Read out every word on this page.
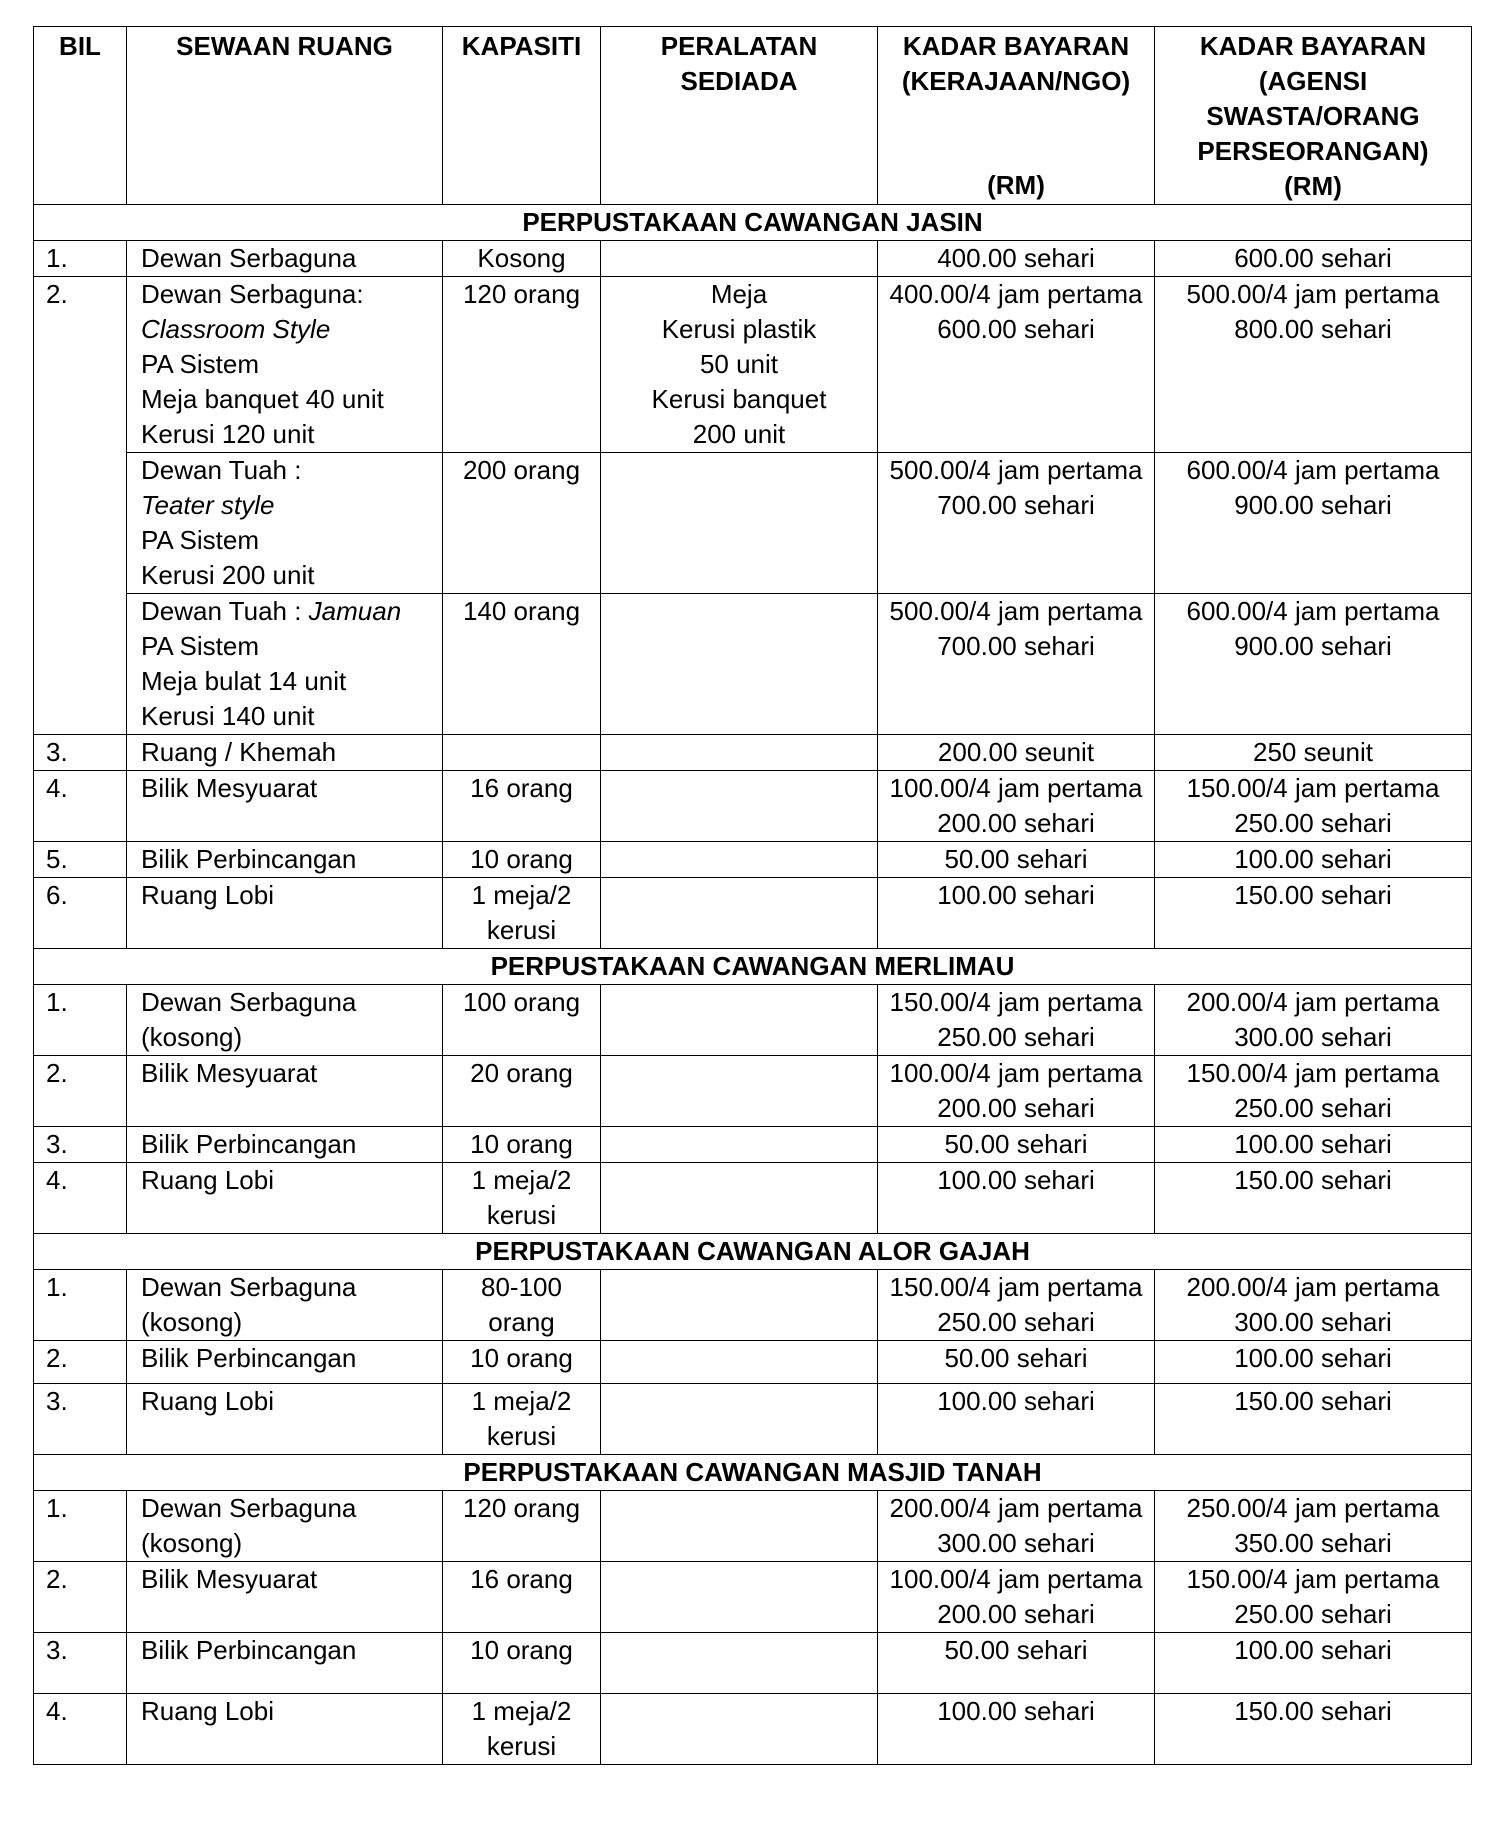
BIL	SEWAAN RUANG	KAPASITI	PERALATAN
SEDIADA	KADAR BAYARAN
(KERAJAAN/NGO)
(RM)	KADAR BAYARAN
(AGENSI
SWASTA/ORANG
PERSEORANGAN)
(RM)

PERPUSTAKAAN CAWANGAN JASIN					
1.	Dewan Serbaguna	Kosong		400.00 sehari	600.00 sehari

2.	Dewan Serbaguna:
Classroom Style
PA Sistem
Meja banquet 40 unit
Kerusi 120 unit	120 orang	Meja
Kerusi plastik
50 unit
Kerusi banquet
200 unit	400.00/4 jam pertama
600.00 sehari	500.00/4 jam pertama
800.00 sehari

	Dewan Tuah :
Teater style
PA Sistem
Kerusi 200 unit	200 orang		500.00/4 jam pertama
700.00 sehari	600.00/4 jam pertama
900.00 sehari

	Dewan Tuah : Jamuan
PA Sistem
Meja bulat 14 unit
Kerusi 140 unit	140 orang		500.00/4 jam pertama
700.00 sehari	600.00/4 jam pertama
900.00 sehari

3.	Ruang / Khemah			200.00 seunit	250 seunit

4.	Bilik Mesyuarat	16 orang		100.00/4 jam pertama
200.00 sehari	150.00/4 jam pertama
250.00 sehari

5.	Bilik Perbincangan	10 orang		50.00 sehari	100.00 sehari

6.	Ruang Lobi	1 meja/2
kerusi		100.00 sehari	150.00 sehari

PERPUSTAKAAN CAWANGAN MERLIMAU					
1.	Dewan Serbaguna
(kosong)	100 orang		150.00/4 jam pertama
250.00 sehari	200.00/4 jam pertama
300.00 sehari

2.	Bilik Mesyuarat	20 orang		100.00/4 jam pertama
200.00 sehari	150.00/4 jam pertama
250.00 sehari

3.	Bilik Perbincangan	10 orang		50.00 sehari	100.00 sehari

4.	Ruang Lobi	1 meja/2
kerusi		100.00 sehari	150.00 sehari

PERPUSTAKAAN CAWANGAN ALOR GAJAH					
1.	Dewan Serbaguna
(kosong)	80-100
orang		150.00/4 jam pertama
250.00 sehari	200.00/4 jam pertama
300.00 sehari

2.	Bilik Perbincangan	10 orang		50.00 sehari	100.00 sehari

3.	Ruang Lobi	1 meja/2
kerusi		100.00 sehari	150.00 sehari

PERPUSTAKAAN CAWANGAN MASJID TANAH					
1.	Dewan Serbaguna
(kosong)	120 orang		200.00/4 jam pertama
300.00 sehari	250.00/4 jam pertama
350.00 sehari

2.	Bilik Mesyuarat	16 orang		100.00/4 jam pertama
200.00 sehari	150.00/4 jam pertama
250.00 sehari

3.	Bilik Perbincangan	10 orang		50.00 sehari	100.00 sehari

4.	Ruang Lobi	1 meja/2
kerusi		100.00 sehari	150.00 sehari
